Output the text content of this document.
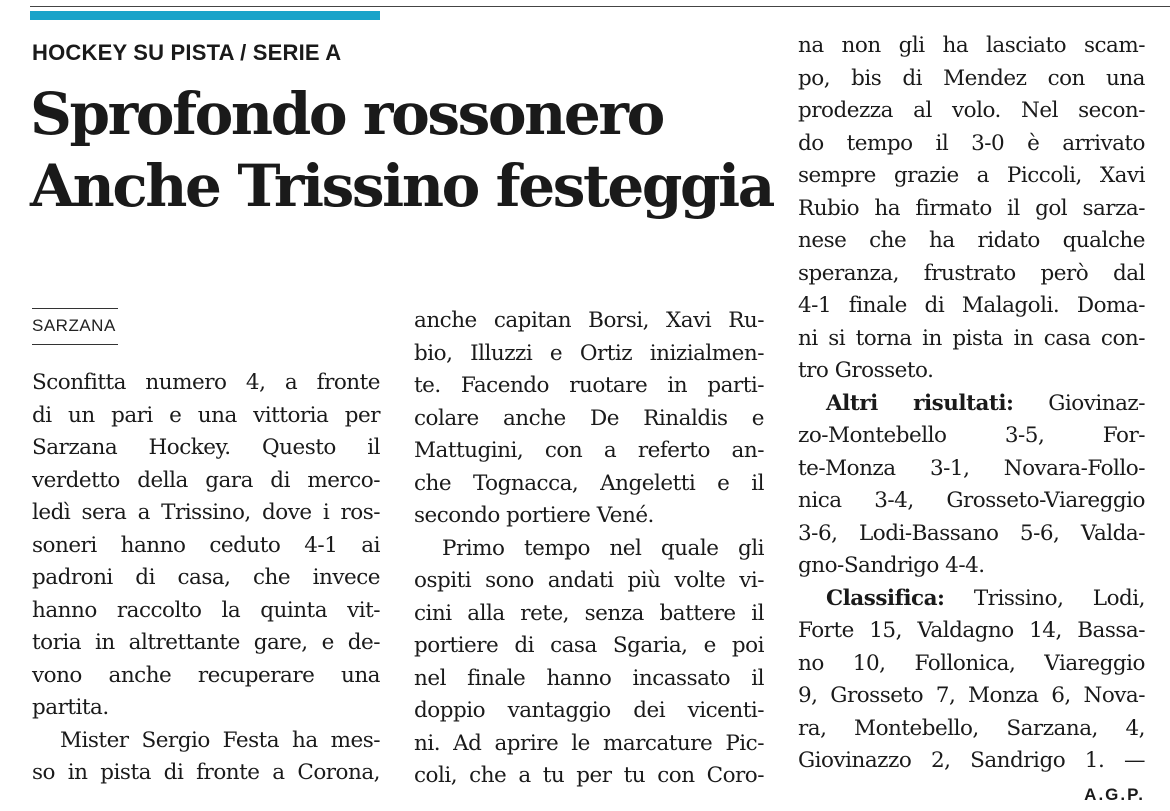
HOCKEY SU PISTA / SERIE A
Sprofondo rossonero
Anche Trissino festeggia
SARZANA
Sconfitta numero 4, a fronte
di un pari e una vittoria per
Sarzana Hockey. Questo il
verdetto della gara di merco-
ledì sera a Trissino, dove i ros-
soneri hanno ceduto 4-1 ai
padroni di casa, che invece
hanno raccolto la quinta vit-
toria in altrettante gare, e de-
vono anche recuperare una
partita.
Mister Sergio Festa ha mes-
so in pista di fronte a Corona,
anche capitan Borsi, Xavi Ru-
bio, Illuzzi e Ortiz inizialmen-
te. Facendo ruotare in parti-
colare anche De Rinaldis e
Mattugini, con a referto an-
che Tognacca, Angeletti e il
secondo portiere Vené.
Primo tempo nel quale gli
ospiti sono andati più volte vi-
cini alla rete, senza battere il
portiere di casa Sgaria, e poi
nel finale hanno incassato il
doppio vantaggio dei vicenti-
ni. Ad aprire le marcature Pic-
coli, che a tu per tu con Coro-
na non gli ha lasciato scam-
po, bis di Mendez con una
prodezza al volo. Nel secon-
do tempo il 3-0 è arrivato
sempre grazie a Piccoli, Xavi
Rubio ha firmato il gol sarza-
nese che ha ridato qualche
speranza, frustrato però dal
4-1 finale di Malagoli. Doma-
ni si torna in pista in casa con-
tro Grosseto.
Altri risultati: Giovinaz-
zo-Montebello 3-5, For-
te-Monza 3-1, Novara-Follo-
nica 3-4, Grosseto-Viareggio
3-6, Lodi-Bassano 5-6, Valda-
gno-Sandrigo 4-4.
Classifica: Trissino, Lodi,
Forte 15, Valdagno 14, Bassa-
no 10, Follonica, Viareggio
9, Grosseto 7, Monza 6, Nova-
ra, Montebello, Sarzana, 4,
Giovinazzo 2, Sandrigo 1. —
A.G.P.
